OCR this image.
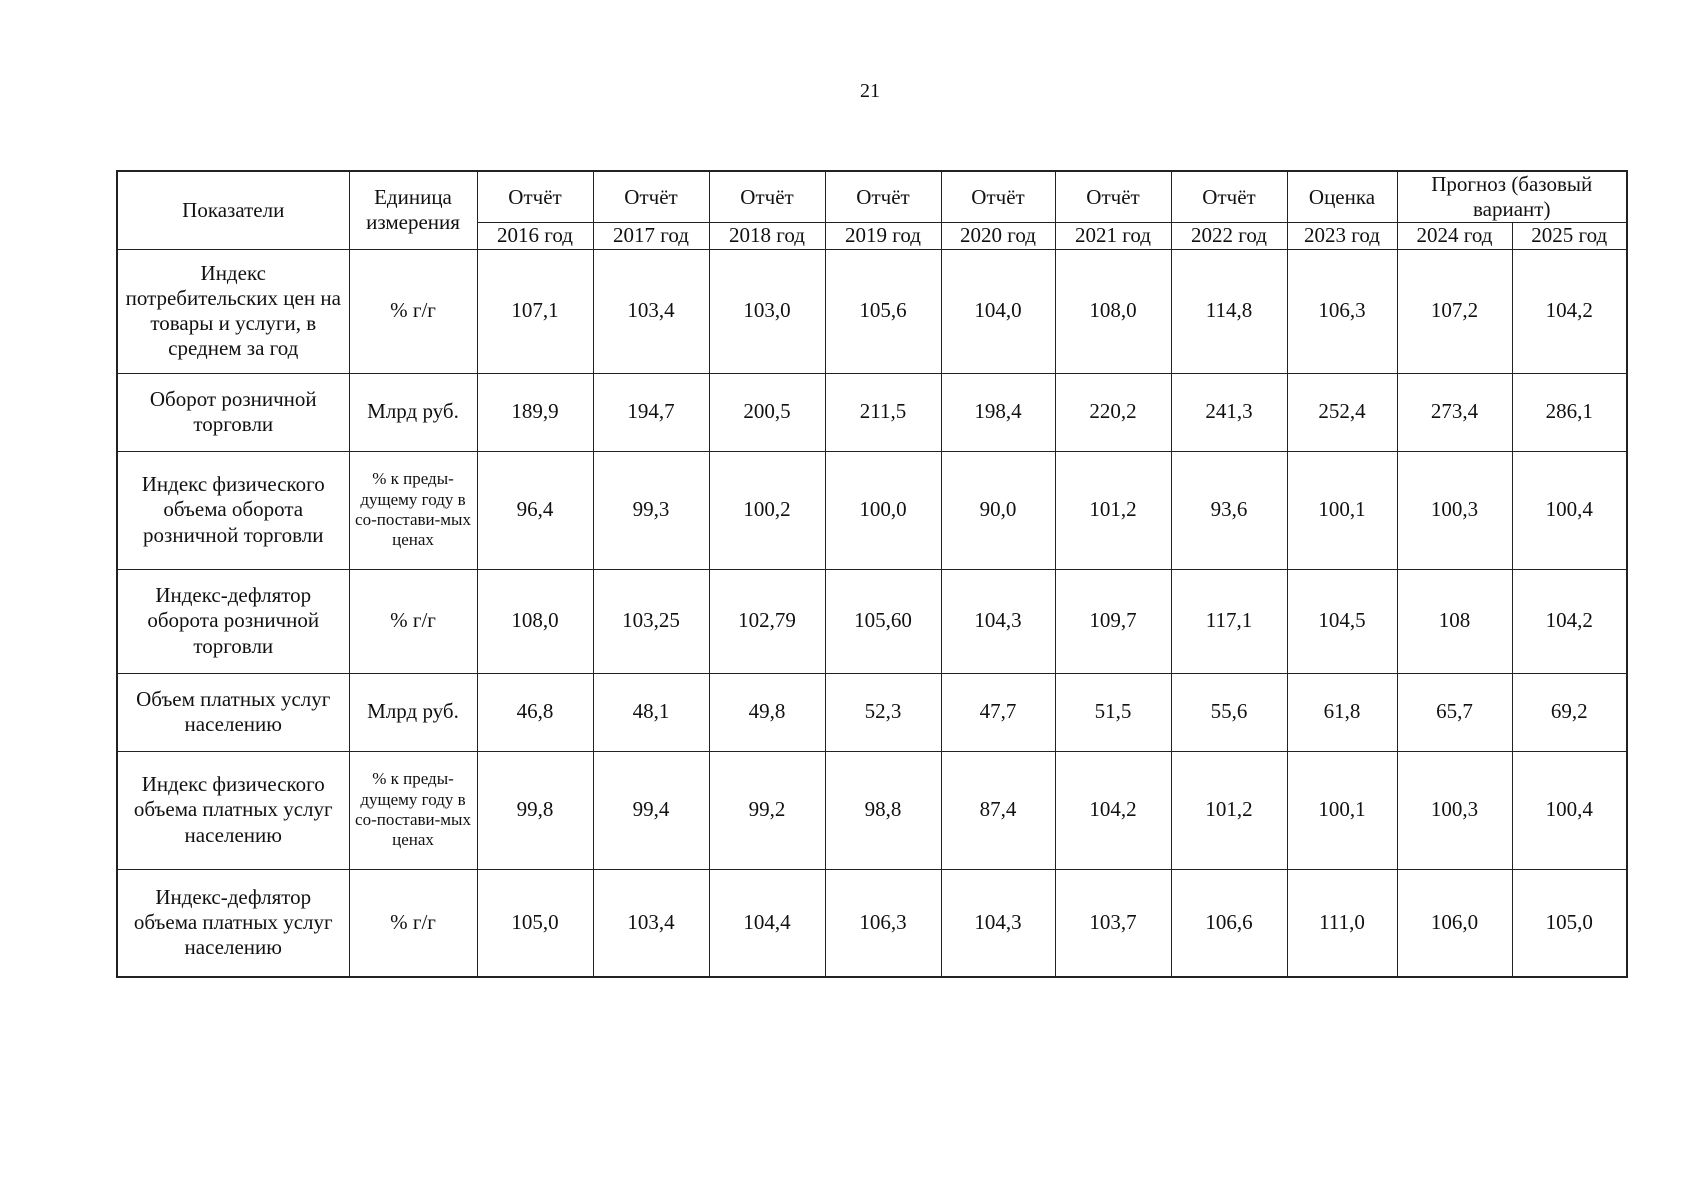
21
Показатели	Единица измерения	Отчёт	Отчёт	Отчёт	Отчёт	Отчёт	Отчёт	Отчёт	Оценка	Прогноз (базовый вариант)	
		2016 год	2017 год	2018 год	2019 год	2020 год	2021 год	2022 год	2023 год	2024 год	2025 год
Индекс потребительских цен на товары и услуги, в среднем за год	% г/г	107,1	103,4	103,0	105,6	104,0	108,0	114,8	106,3	107,2	104,2
Оборот розничной торговли	Млрд руб.	189,9	194,7	200,5	211,5	198,4	220,2	241,3	252,4	273,4	286,1
Индекс физического объема оборота розничной торговли	% к преды-дущему году в со-постави-мых ценах	96,4	99,3	100,2	100,0	90,0	101,2	93,6	100,1	100,3	100,4
Индекс-дефлятор оборота розничной торговли	% г/г	108,0	103,25	102,79	105,60	104,3	109,7	117,1	104,5	108	104,2
Объем платных услуг населению	Млрд руб.	46,8	48,1	49,8	52,3	47,7	51,5	55,6	61,8	65,7	69,2
Индекс физического объема платных услуг населению	% к преды-дущему году в со-постави-мых ценах	99,8	99,4	99,2	98,8	87,4	104,2	101,2	100,1	100,3	100,4
Индекс-дефлятор объема платных услуг населению	% г/г	105,0	103,4	104,4	106,3	104,3	103,7	106,6	111,0	106,0	105,0
